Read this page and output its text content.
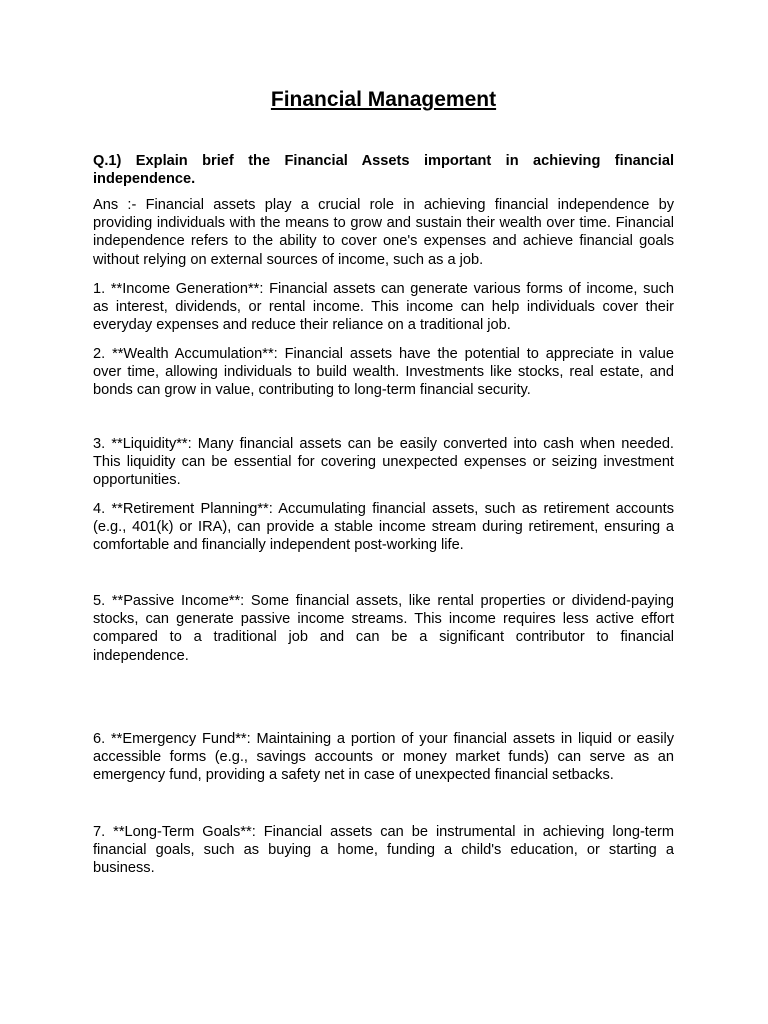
Financial Management

Q.1) Explain brief the Financial Assets important in achieving financial independence.

Ans :- Financial assets play a crucial role in achieving financial independence by providing individuals with the means to grow and sustain their wealth over time. Financial independence refers to the ability to cover one's expenses and achieve financial goals without relying on external sources of income, such as a job.

1. **Income Generation**: Financial assets can generate various forms of income, such as interest, dividends, or rental income. This income can help individuals cover their everyday expenses and reduce their reliance on a traditional job.

2. **Wealth Accumulation**: Financial assets have the potential to appreciate in value over time, allowing individuals to build wealth. Investments like stocks, real estate, and bonds can grow in value, contributing to long-term financial security.

3. **Liquidity**: Many financial assets can be easily converted into cash when needed. This liquidity can be essential for covering unexpected expenses or seizing investment opportunities.

4. **Retirement Planning**: Accumulating financial assets, such as retirement accounts (e.g., 401(k) or IRA), can provide a stable income stream during retirement, ensuring a comfortable and financially independent post-working life.

5. **Passive Income**: Some financial assets, like rental properties or dividend-paying stocks, can generate passive income streams. This income requires less active effort compared to a traditional job and can be a significant contributor to financial independence.

6. **Emergency Fund**: Maintaining a portion of your financial assets in liquid or easily accessible forms (e.g., savings accounts or money market funds) can serve as an emergency fund, providing a safety net in case of unexpected financial setbacks.

7. **Long-Term Goals**: Financial assets can be instrumental in achieving long-term financial goals, such as buying a home, funding a child's education, or starting a business.
